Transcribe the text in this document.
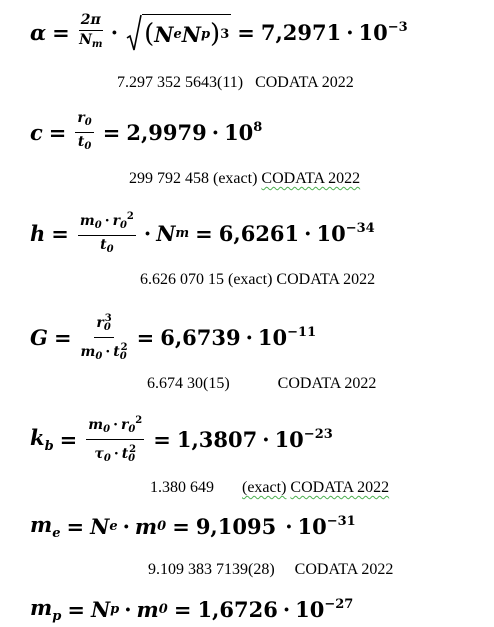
$\alpha = \frac{2\pi}{N_m}$ · ( N e N p ) $3 = 7,2971 \cdot 10^{-3}$
7.297 352 5643(11) CODATA 2022
$c = \frac{r_0}{t_0} = 2,9979 \cdot 10^8$
299 792 458 (exact) CODATA 2022
$h = \frac{m_0 \cdot r_0^2}{t_0} \cdot N$ $m = 6,6261 \cdot 10^{-34}$
6.626 070 15 (exact) CODATA 2022
$G = \frac{r_0^3}{m_0 \cdot t_0^2} = 6,6739 \cdot 10^{-11}$
6.674 30(15)	CODATA 2022
$k_b = \frac{m_0 \cdot r_0^2}{\tau_0 \cdot t_0^2} = 1,3807 \cdot 10^{-23}$
1.380 649 (exact) CODATA 2022
$m_e = N$ e · m $0 = 9,1095 \cdot 10^{-31}$
9.109 383 7139(28) CODATA 2022
$m_p = N$ p · m $0 = 1,6726 \cdot 10^{-27}$
